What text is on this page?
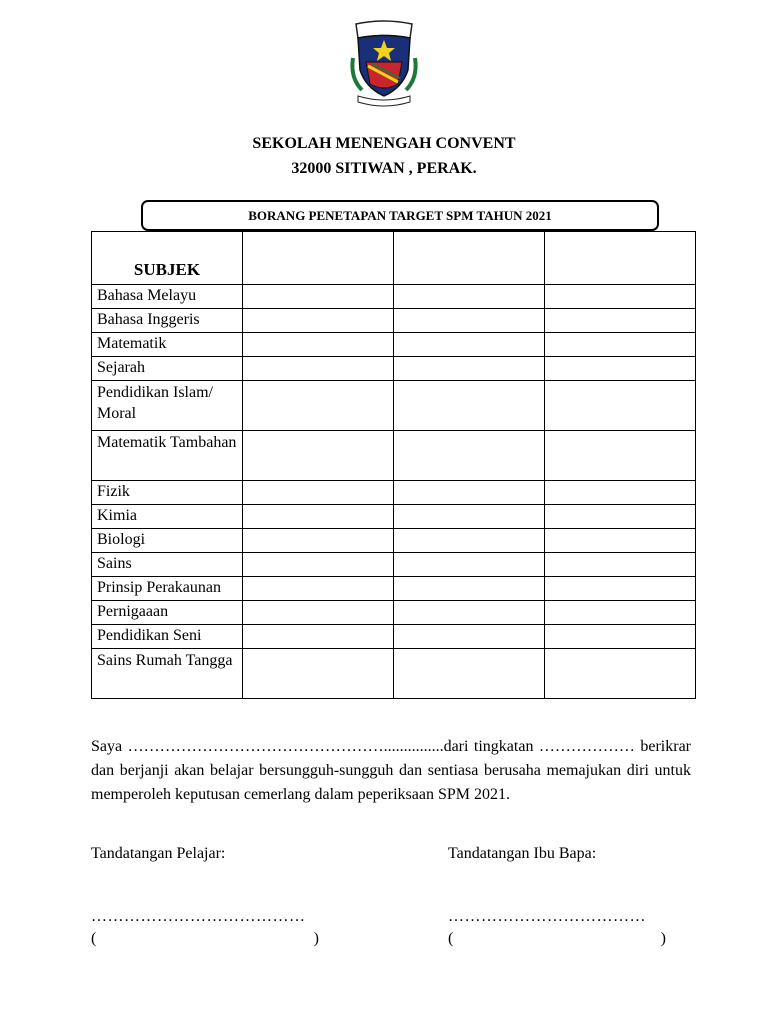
SEKOLAH MENENGAH CONVENT
32000 SITIWAN , PERAK.
BORANG PENETAPAN TARGET SPM TAHUN 2021
SUBJEK			
Bahasa Melayu			
Bahasa Inggeris			
Matematik			
Sejarah			
Pendidikan Islam/ Moral			
Matematik Tambahan			
Fizik			
Kimia			
Biologi			
Sains			
Prinsip Perakaunan			
Pernigaaan			
Pendidikan Seni			
Sains Rumah Tangga			

Saya …………………………………………...............dari tingkatan ……………… berikrar dan berjanji akan belajar bersungguh-sungguh dan sentiasa berusaha memajukan diri untuk memperoleh keputusan cemerlang dalam peperiksaan SPM 2021.

Tandatangan Pelajar:	Tandatangan Ibu Bapa:
…………………………………	………………………………
(	)	(	)
